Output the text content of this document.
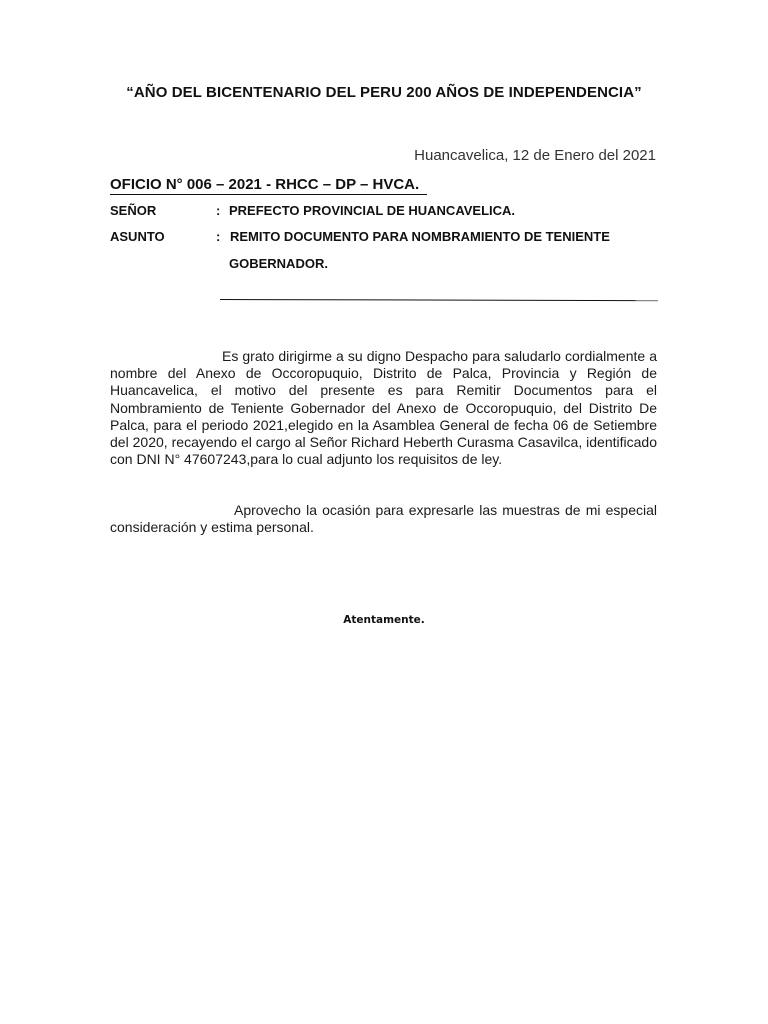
“AÑO DEL BICENTENARIO DEL PERU 200 AÑOS DE INDEPENDENCIA”
Huancavelica, 12 de Enero del 2021
OFICIO N° 006 – 2021 - RHCC – DP – HVCA.
SEÑOR	: PREFECTO PROVINCIAL DE HUANCAVELICA.
ASUNTO	: REMITO DOCUMENTO PARA NOMBRAMIENTO DE TENIENTE
GOBERNADOR.

Es grato dirigirme a su digno Despacho para saludarlo cordialmente a nombre del Anexo de Occoropuquio, Distrito de Palca, Provincia y Región de Huancavelica, el motivo del presente es para Remitir Documentos para el Nombramiento de Teniente Gobernador del Anexo de Occoropuquio, del Distrito De Palca, para el periodo 2021,elegido en la Asamblea General de fecha 06 de Setiembre del 2020, recayendo el cargo al Señor Richard Heberth Curasma Casavilca, identificado con DNI N° 47607243,para lo cual adjunto los requisitos de ley.

Aprovecho la ocasión para expresarle las muestras de mi especial consideración y estima personal.

Atentamente.
